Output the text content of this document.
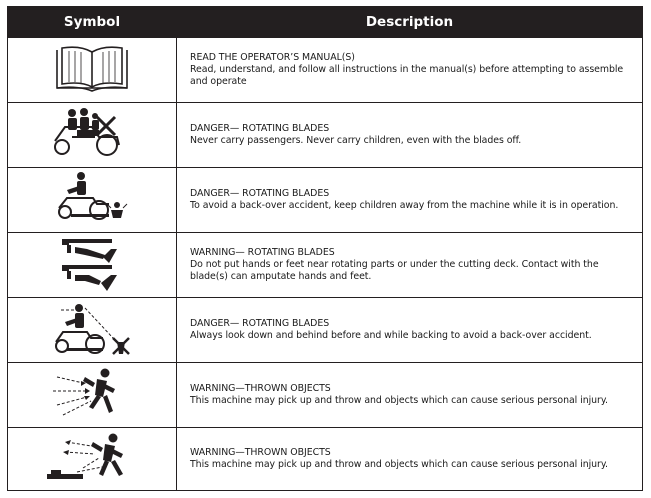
Symbol	Description
READ THE OPERATOR’S MANUAL(S)
Read, understand, and follow all instructions in the manual(s) before attempting to assemble and operate
DANGER— ROTATING BLADES
Never carry passengers. Never carry children, even with the blades off.
DANGER— ROTATING BLADES
To avoid a back-over accident, keep children away from the machine while it is in operation.
WARNING— ROTATING BLADES
Do not put hands or feet near rotating parts or under the cutting deck. Contact with the blade(s) can amputate hands and feet.
DANGER— ROTATING BLADES
Always look down and behind before and while backing to avoid a back-over accident.
WARNING—THROWN OBJECTS
This machine may pick up and throw and objects which can cause serious personal injury.
WARNING—THROWN OBJECTS
This machine may pick up and throw and objects which can cause serious personal injury.
